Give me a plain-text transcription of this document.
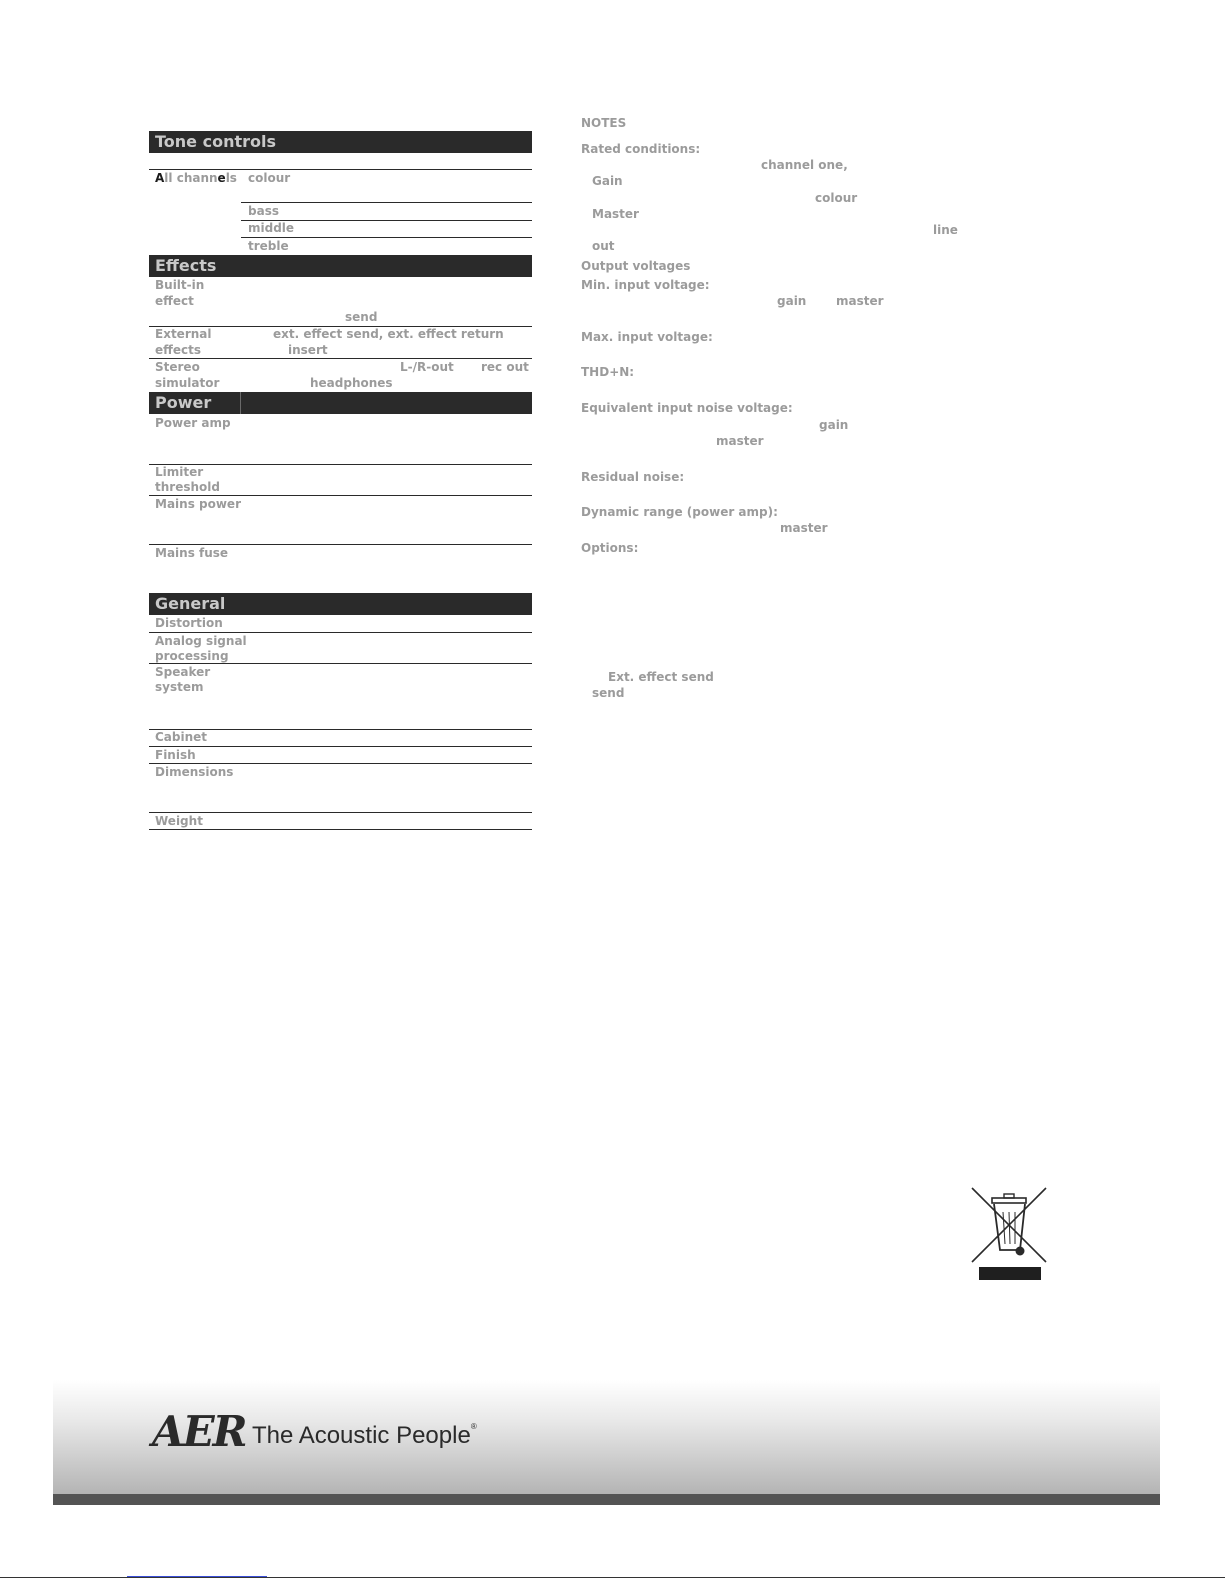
Tone controls
All channels colour
bass
middle
treble
Effects
Built-in
effect
send
External
effects
ext. effect send, ext. effect return
insert
Stereo
simulator
L-/R-out rec out
headphones
Power
Power amp
Limiter
threshold
Mains power
Mains fuse
General
Distortion
Analog signal
processing
Speaker
system
Cabinet
Finish
Dimensions
Weight
NOTES
Rated conditions:
channel one,
Gain
colour
Master
line
out
Output voltages
Min. input voltage:
gain master
Max. input voltage:
THD+N:
Equivalent input noise voltage:
gain
master
Residual noise:
Dynamic range (power amp):
master
Options:
Ext. effect send
send
AER The Acoustic People®
